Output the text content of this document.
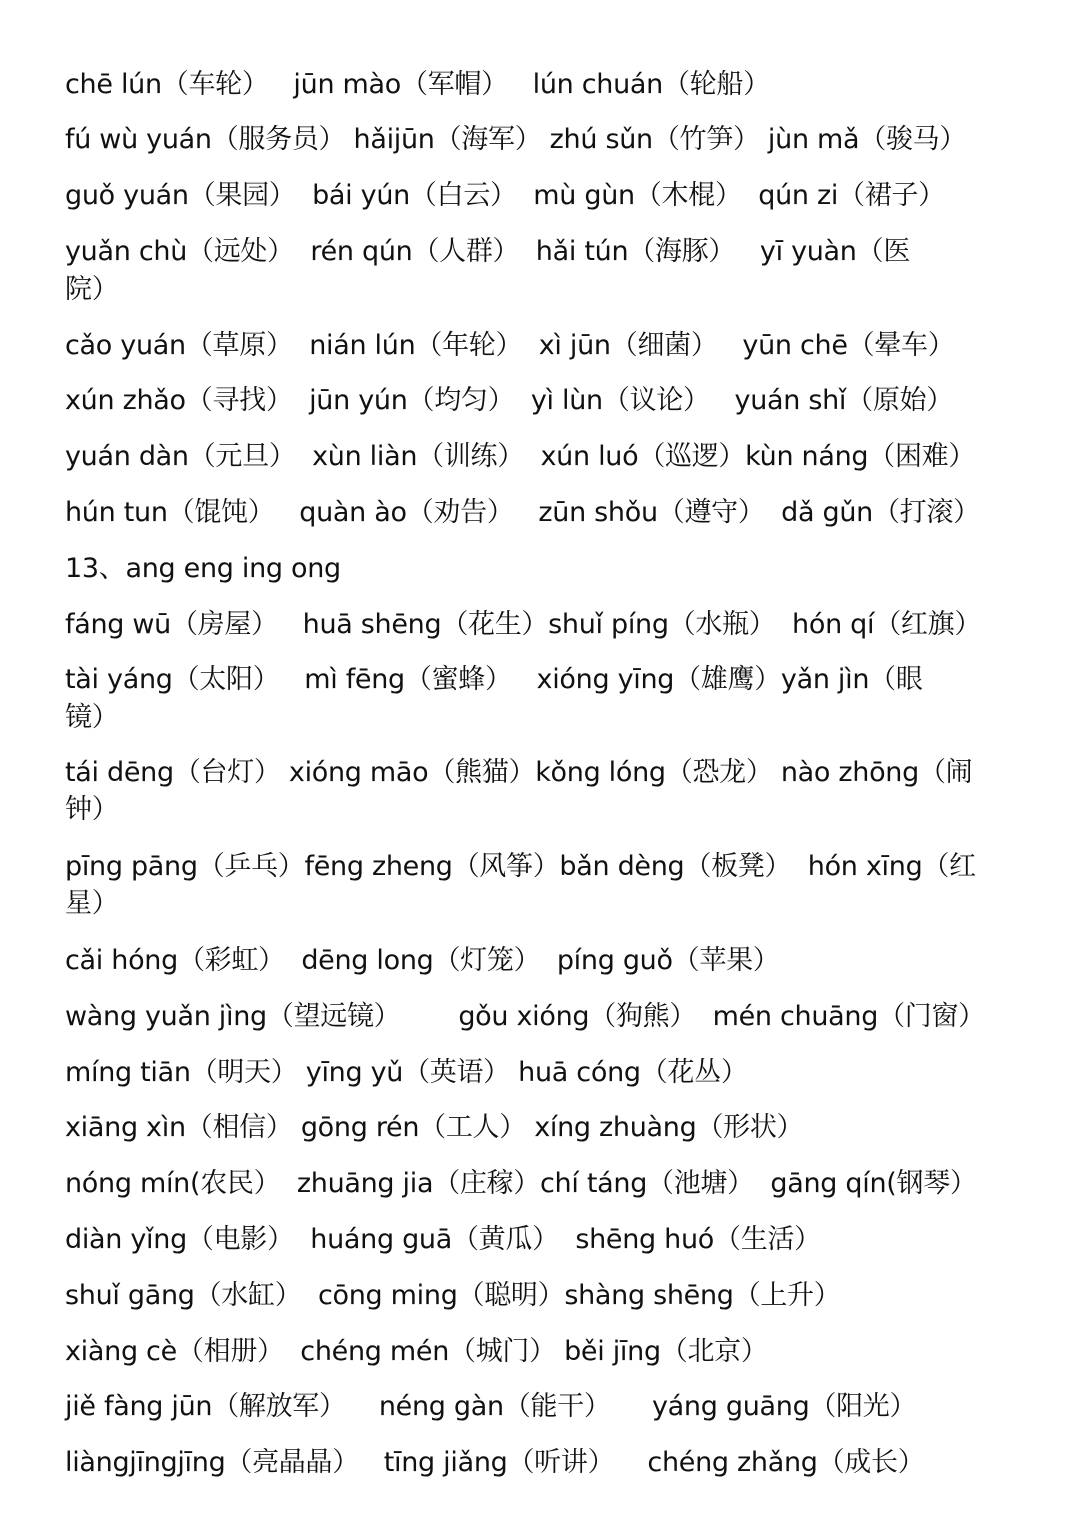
chē lún（车轮）   jūn mào（军帽）   lún chuán（轮船）
fú wù yuán（服务员） hǎijūn（海军） zhú sǔn（竹笋） jùn mǎ（骏马）
guǒ yuán（果园）  bái yún（白云）  mù gùn（木棍）  qún zi（裙子）
yuǎn chù（远处）  rén qún（人群）  hǎi tún（海豚）   yī yuàn（医
院）
cǎo yuán（草原）  nián lún（年轮）  xì jūn（细菌）   yūn chē（晕车）
xún zhǎo（寻找）  jūn yún（均匀）  yì lùn（议论）   yuán shǐ（原始）
yuán dàn（元旦）  xùn liàn（训练）  xún luó（巡逻）kùn náng（困难）
hún tun（馄饨）   quàn ào（劝告）   zūn shǒu（遵守）  dǎ gǔn（打滚）
13、ang eng ing ong
fáng wū（房屋）   huā shēng（花生）shuǐ píng（水瓶）  hón qí（红旗）
tài yáng（太阳）   mì fēng（蜜蜂）   xióng yīng（雄鹰）yǎn jìn（眼
镜）
tái dēng（台灯） xióng māo（熊猫）kǒng lóng（恐龙） nào zhōng（闹
钟）
pīng pāng（乒乓）fēng zheng（风筝）bǎn dèng（板凳）  hón xīng（红
星）
cǎi hóng（彩虹）  dēng long（灯笼）  píng guǒ（苹果）
wàng yuǎn jìng（望远镜）       gǒu xióng（狗熊）  mén chuāng（门窗）
míng tiān（明天） yīng yǔ（英语） huā cóng（花丛）
xiāng xìn（相信） gōng rén（工人） xíng zhuàng（形状）
nóng mín(农民）  zhuāng jia（庄稼）chí táng（池塘）  gāng qín(钢琴）
diàn yǐng（电影）  huáng guā（黄瓜）  shēng huó（生活）
shuǐ gāng（水缸）  cōng ming（聪明）shàng shēng（上升）
xiàng cè（相册）  chéng mén（城门） běi jīng（北京）
jiě fàng jūn（解放军）    néng gàn（能干）     yáng guāng（阳光）
liàngjīngjīng（亮晶晶）   tīng jiǎng（听讲）    chéng zhǎng（成长）
